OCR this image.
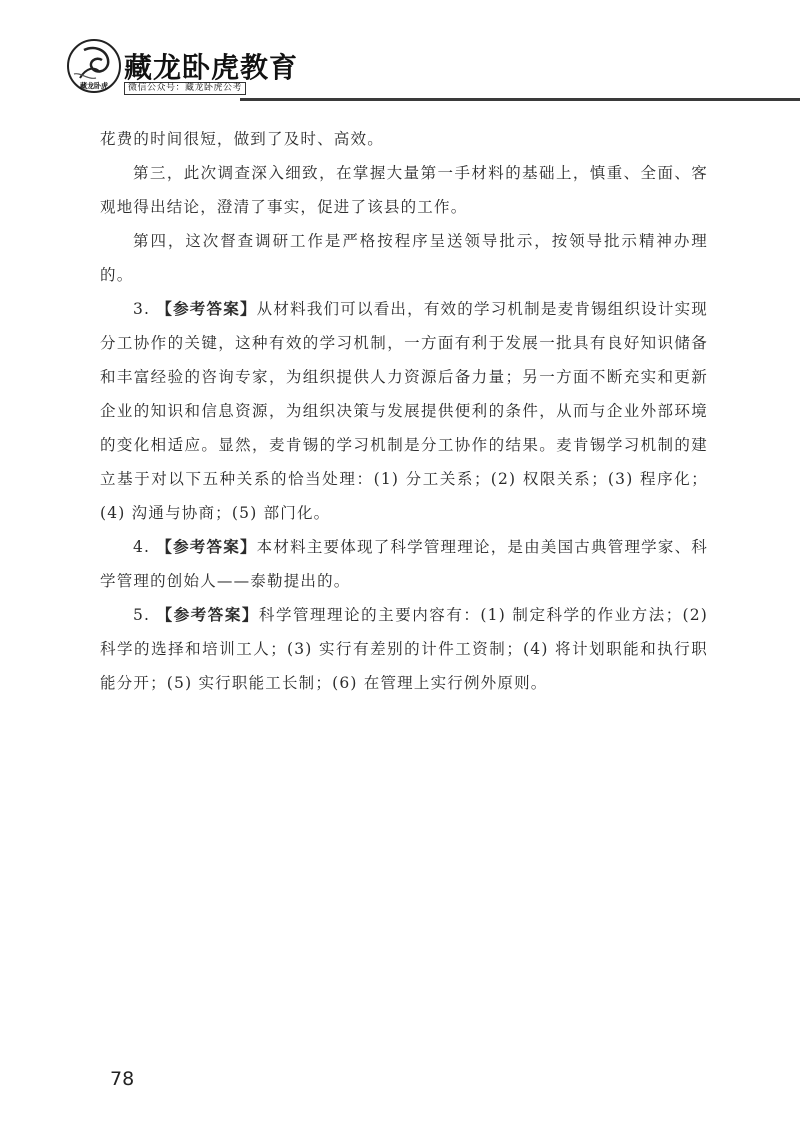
藏龙卧虎
藏龙卧虎教育
微信公众号：藏龙卧虎公考

花费的时间很短，做到了及时、高效。

第三，此次调查深入细致，在掌握大量第一手材料的基础上，慎重、全面、客观地得出结论，澄清了事实，促进了该县的工作。

第四，这次督查调研工作是严格按程序呈送领导批示，按领导批示精神办理的。

3. 【参考答案】从材料我们可以看出，有效的学习机制是麦肯锡组织设计实现分工协作的关键，这种有效的学习机制，一方面有利于发展一批具有良好知识储备和丰富经验的咨询专家，为组织提供人力资源后备力量；另一方面不断充实和更新企业的知识和信息资源，为组织决策与发展提供便利的条件，从而与企业外部环境的变化相适应。显然，麦肯锡的学习机制是分工协作的结果。麦肯锡学习机制的建立基于对以下五种关系的恰当处理：(1) 分工关系；(2) 权限关系；(3) 程序化；(4) 沟通与协商；(5) 部门化。

4. 【参考答案】本材料主要体现了科学管理理论，是由美国古典管理学家、科学管理的创始人——泰勒提出的。

5. 【参考答案】科学管理理论的主要内容有：(1) 制定科学的作业方法；(2) 科学的选择和培训工人；(3) 实行有差别的计件工资制；(4) 将计划职能和执行职能分开；(5) 实行职能工长制；(6) 在管理上实行例外原则。

78
